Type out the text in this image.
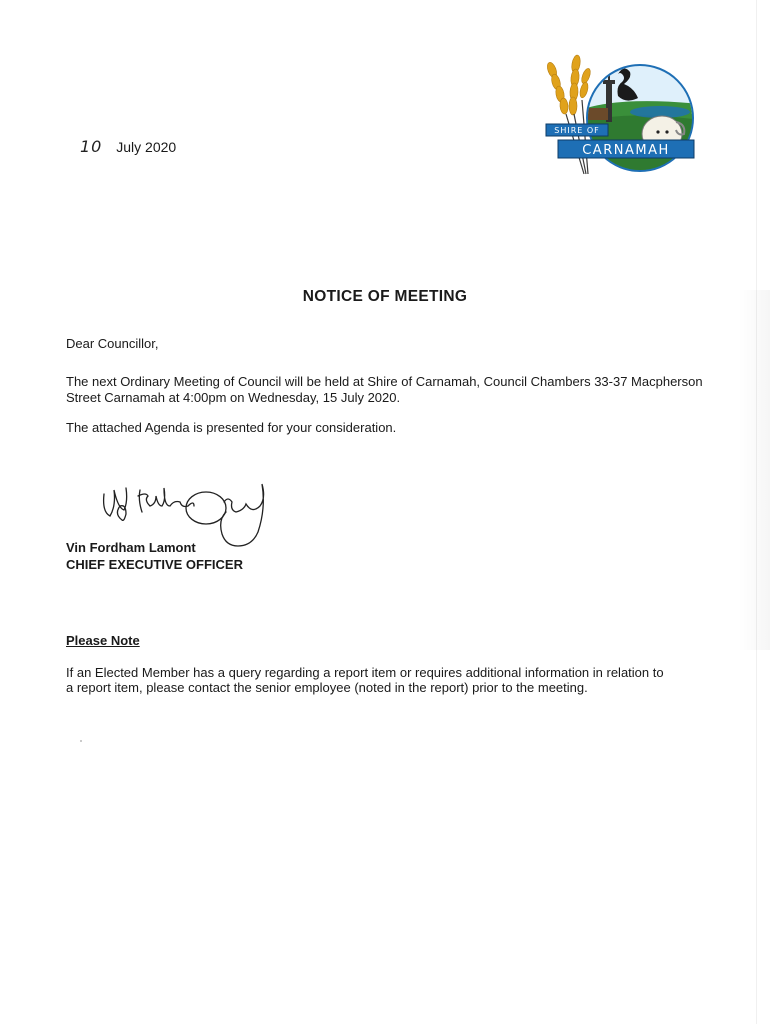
10 July 2020
SHIRE OF
CARNAMAH
NOTICE OF MEETING
Dear Councillor,
The next Ordinary Meeting of Council will be held at Shire of Carnamah, Council Chambers 33-37 Macpherson Street Carnamah at 4:00pm on Wednesday, 15 July 2020.
The attached Agenda is presented for your consideration.
Vin Fordham Lamont
CHIEF EXECUTIVE OFFICER
Please Note
If an Elected Member has a query regarding a report item or requires additional information in relation to a report item, please contact the senior employee (noted in the report) prior to the meeting.
